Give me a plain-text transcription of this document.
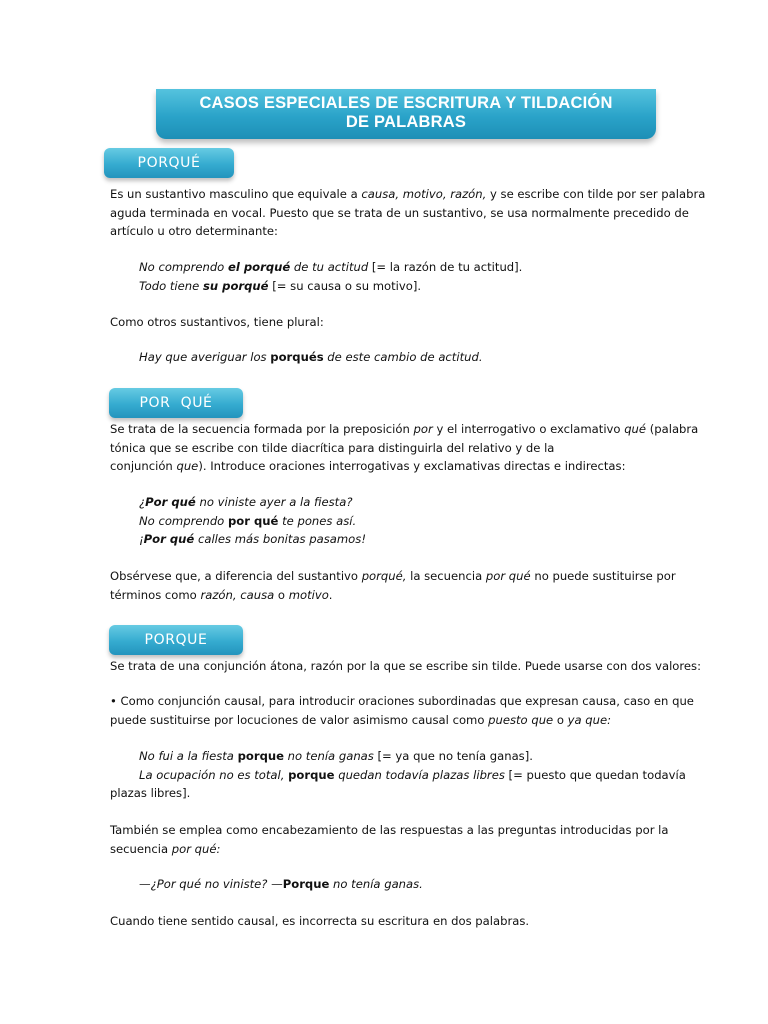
CASOS ESPECIALES DE ESCRITURA Y TILDACIÓN
DE PALABRAS
PORQUÉ
Es un sustantivo masculino que equivale a causa, motivo, razón, y se escribe con tilde por ser palabra
aguda terminada en vocal. Puesto que se trata de un sustantivo, se usa normalmente precedido de
artículo u otro determinante:
No comprendo el porqué de tu actitud [= la razón de tu actitud].
Todo tiene su porqué [= su causa o su motivo].
Como otros sustantivos, tiene plural:
Hay que averiguar los porqués de este cambio de actitud.
POR  QUÉ
Se trata de la secuencia formada por la preposición por y el interrogativo o exclamativo qué (palabra
tónica que se escribe con tilde diacrítica para distinguirla del relativo y de la
conjunción que). Introduce oraciones interrogativas y exclamativas directas e indirectas:
¿Por qué no viniste ayer a la fiesta?
No comprendo por qué te pones así.
¡Por qué calles más bonitas pasamos!
Obsérvese que, a diferencia del sustantivo porqué, la secuencia por qué no puede sustituirse por
términos como razón, causa o motivo.
PORQUE
Se trata de una conjunción átona, razón por la que se escribe sin tilde. Puede usarse con dos valores:
• Como conjunción causal, para introducir oraciones subordinadas que expresan causa, caso en que
puede sustituirse por locuciones de valor asimismo causal como puesto que o ya que:
No fui a la fiesta porque no tenía ganas [= ya que no tenía ganas].
La ocupación no es total, porque quedan todavía plazas libres [= puesto que quedan todavía
plazas libres].
También se emplea como encabezamiento de las respuestas a las preguntas introducidas por la
secuencia por qué:
—¿Por qué no viniste? —Porque no tenía ganas.
Cuando tiene sentido causal, es incorrecta su escritura en dos palabras.
